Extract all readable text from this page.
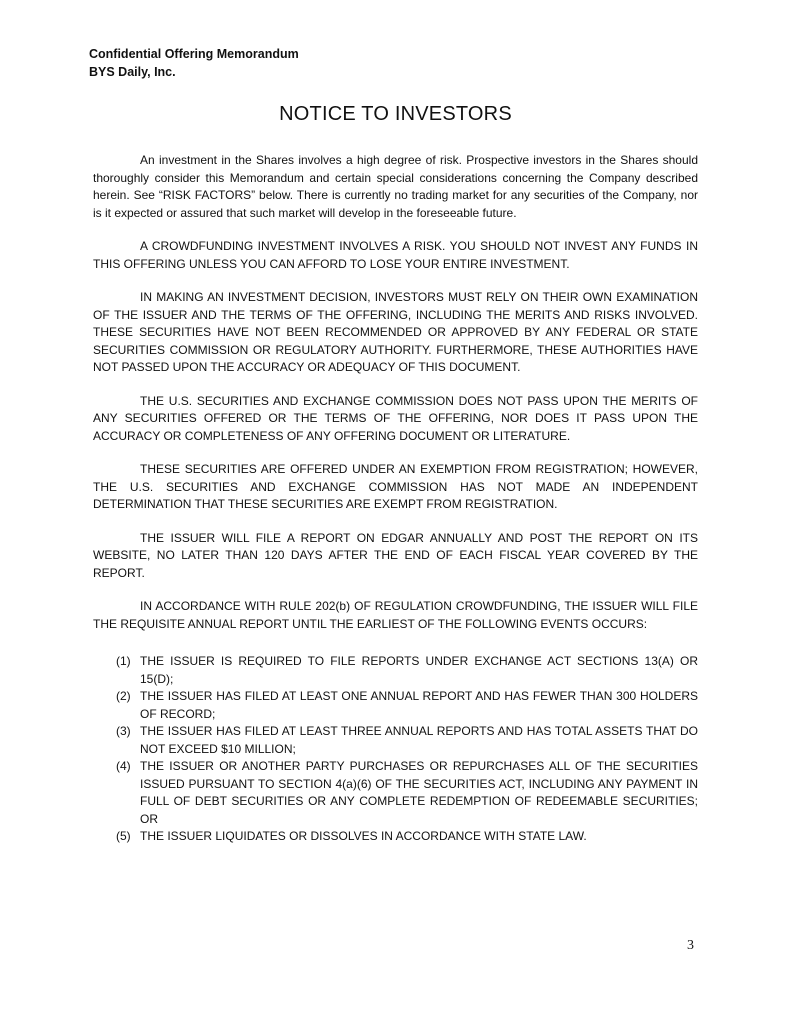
Confidential Offering Memorandum
BYS Daily, Inc.
NOTICE TO INVESTORS

An investment in the Shares involves a high degree of risk. Prospective investors in the Shares should thoroughly consider this Memorandum and certain special considerations concerning the Company described herein. See “RISK FACTORS” below. There is currently no trading market for any securities of the Company, nor is it expected or assured that such market will develop in the foreseeable future.

A CROWDFUNDING INVESTMENT INVOLVES A RISK. YOU SHOULD NOT INVEST ANY FUNDS IN THIS OFFERING UNLESS YOU CAN AFFORD TO LOSE YOUR ENTIRE INVESTMENT.

IN MAKING AN INVESTMENT DECISION, INVESTORS MUST RELY ON THEIR OWN EXAMINATION OF THE ISSUER AND THE TERMS OF THE OFFERING, INCLUDING THE MERITS AND RISKS INVOLVED. THESE SECURITIES HAVE NOT BEEN RECOMMENDED OR APPROVED BY ANY FEDERAL OR STATE SECURITIES COMMISSION OR REGULATORY AUTHORITY. FURTHERMORE, THESE AUTHORITIES HAVE NOT PASSED UPON THE ACCURACY OR ADEQUACY OF THIS DOCUMENT.

THE U.S. SECURITIES AND EXCHANGE COMMISSION DOES NOT PASS UPON THE MERITS OF ANY SECURITIES OFFERED OR THE TERMS OF THE OFFERING, NOR DOES IT PASS UPON THE ACCURACY OR COMPLETENESS OF ANY OFFERING DOCUMENT OR LITERATURE.

THESE SECURITIES ARE OFFERED UNDER AN EXEMPTION FROM REGISTRATION; HOWEVER, THE U.S. SECURITIES AND EXCHANGE COMMISSION HAS NOT MADE AN INDEPENDENT DETERMINATION THAT THESE SECURITIES ARE EXEMPT FROM REGISTRATION.

THE ISSUER WILL FILE A REPORT ON EDGAR ANNUALLY AND POST THE REPORT ON ITS WEBSITE, NO LATER THAN 120 DAYS AFTER THE END OF EACH FISCAL YEAR COVERED BY THE REPORT.

IN ACCORDANCE WITH RULE 202(b) OF REGULATION CROWDFUNDING, THE ISSUER WILL FILE THE REQUISITE ANNUAL REPORT UNTIL THE EARLIEST OF THE FOLLOWING EVENTS OCCURS:

(1) THE ISSUER IS REQUIRED TO FILE REPORTS UNDER EXCHANGE ACT SECTIONS 13(A) OR 15(D);
(2) THE ISSUER HAS FILED AT LEAST ONE ANNUAL REPORT AND HAS FEWER THAN 300 HOLDERS OF RECORD;
(3) THE ISSUER HAS FILED AT LEAST THREE ANNUAL REPORTS AND HAS TOTAL ASSETS THAT DO NOT EXCEED $10 MILLION;
(4) THE ISSUER OR ANOTHER PARTY PURCHASES OR REPURCHASES ALL OF THE SECURITIES ISSUED PURSUANT TO SECTION 4(a)(6) OF THE SECURITIES ACT, INCLUDING ANY PAYMENT IN FULL OF DEBT SECURITIES OR ANY COMPLETE REDEMPTION OF REDEEMABLE SECURITIES; OR
(5) THE ISSUER LIQUIDATES OR DISSOLVES IN ACCORDANCE WITH STATE LAW.
3
